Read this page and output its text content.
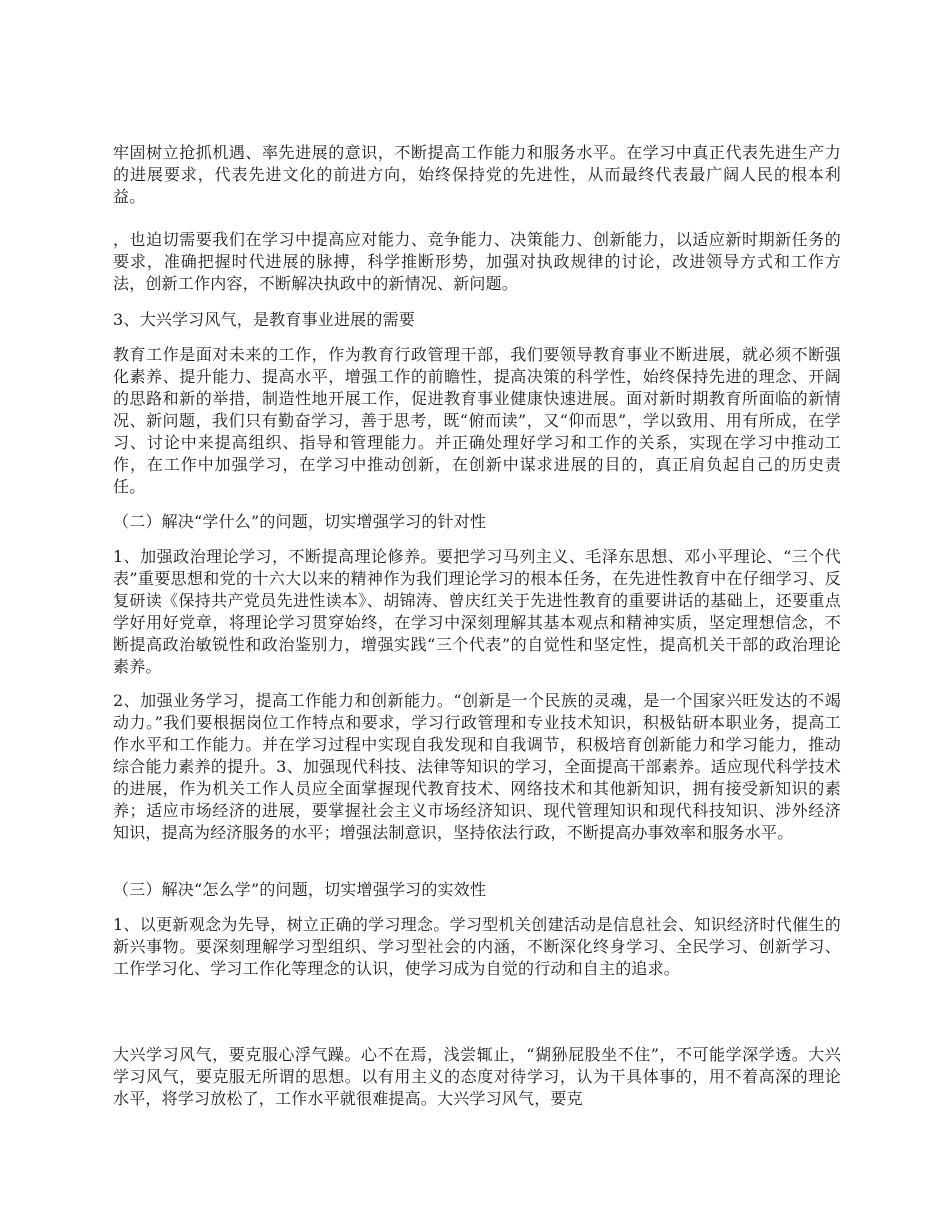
牢固树立抢抓机遇、率先进展的意识，不断提高工作能力和服务水平。在学习中真正代表先进生产力的进展要求，代表先进文化的前进方向，始终保持党的先进性，从而最终代表最广阔人民的根本利益。

，也迫切需要我们在学习中提高应对能力、竞争能力、决策能力、创新能力，以适应新时期新任务的要求，准确把握时代进展的脉搏，科学推断形势，加强对执政规律的讨论，改进领导方式和工作方法，创新工作内容，不断解决执政中的新情况、新问题。

3、大兴学习风气，是教育事业进展的需要

教育工作是面对未来的工作，作为教育行政管理干部，我们要领导教育事业不断进展，就必须不断强化素养、提升能力、提高水平，增强工作的前瞻性，提高决策的科学性，始终保持先进的理念、开阔的思路和新的举措，制造性地开展工作，促进教育事业健康快速进展。面对新时期教育所面临的新情况、新问题，我们只有勤奋学习，善于思考，既“俯而读”，又“仰而思”，学以致用、用有所成，在学习、讨论中来提高组织、指导和管理能力。并正确处理好学习和工作的关系，实现在学习中推动工作，在工作中加强学习，在学习中推动创新，在创新中谋求进展的目的，真正肩负起自己的历史责任。

（二）解决“学什么”的问题，切实增强学习的针对性

1、加强政治理论学习，不断提高理论修养。要把学习马列主义、毛泽东思想、邓小平理论、“三个代表”重要思想和党的十六大以来的精神作为我们理论学习的根本任务，在先进性教育中在仔细学习、反复研读《保持共产党员先进性读本》、胡锦涛、曾庆红关于先进性教育的重要讲话的基础上，还要重点学好用好党章，将理论学习贯穿始终，在学习中深刻理解其基本观点和精神实质，坚定理想信念，不断提高政治敏锐性和政治鉴别力，增强实践“三个代表”的自觉性和坚定性，提高机关干部的政治理论素养。

2、加强业务学习，提高工作能力和创新能力。“创新是一个民族的灵魂，是一个国家兴旺发达的不竭动力。”我们要根据岗位工作特点和要求，学习行政管理和专业技术知识，积极钻研本职业务，提高工作水平和工作能力。并在学习过程中实现自我发现和自我调节，积极培育创新能力和学习能力，推动综合能力素养的提升。3、加强现代科技、法律等知识的学习，全面提高干部素养。适应现代科学技术的进展，作为机关工作人员应全面掌握现代教育技术、网络技术和其他新知识，拥有接受新知识的素养；适应市场经济的进展，要掌握社会主义市场经济知识、现代管理知识和现代科技知识、涉外经济知识，提高为经济服务的水平；增强法制意识，坚持依法行政，不断提高办事效率和服务水平。

（三）解决“怎么学”的问题，切实增强学习的实效性

1、以更新观念为先导，树立正确的学习理念。学习型机关创建活动是信息社会、知识经济时代催生的新兴事物。要深刻理解学习型组织、学习型社会的内涵，不断深化终身学习、全民学习、创新学习、工作学习化、学习工作化等理念的认识，使学习成为自觉的行动和自主的追求。

大兴学习风气，要克服心浮气躁。心不在焉，浅尝辄止，“猢狲屁股坐不住”，不可能学深学透。大兴学习风气，要克服无所谓的思想。以有用主义的态度对待学习，认为干具体事的，用不着高深的理论水平，将学习放松了，工作水平就很难提高。大兴学习风气，要克
